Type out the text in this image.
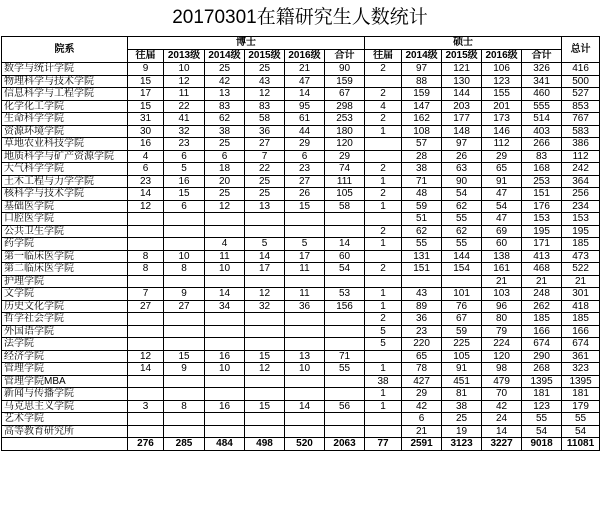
20170301在籍研究生人数统计
院系	博士						硕士					总计
	往届	2013级	2014级	2015级	2016级	合计	往届	2014级	2015级	2016级	合计	
数学与统计学院	9	10	25	25	21	90	2	97	121	106	326	416
物理科学与技术学院	15	12	42	43	47	159		88	130	123	341	500
信息科学与工程学院	17	11	13	12	14	67	2	159	144	155	460	527
化学化工学院	15	22	83	83	95	298	4	147	203	201	555	853
生命科学学院	31	41	62	58	61	253	2	162	177	173	514	767
资源环境学院	30	32	38	36	44	180	1	108	148	146	403	583
草地农业科技学院	16	23	25	27	29	120		57	97	112	266	386
地质科学与矿产资源学院	4	6	6	7	6	29		28	26	29	83	112
大气科学学院	6	5	18	22	23	74	2	38	63	65	168	242
土木工程与力学学院	23	16	20	25	27	111	1	71	90	91	253	364
核科学与技术学院	14	15	25	25	26	105	2	48	54	47	151	256
基础医学院	12	6	12	13	15	58	1	59	62	54	176	234
口腔医学院								51	55	47	153	153
公共卫生学院							2	62	62	69	195	195
药学院			4	5	5	14	1	55	55	60	171	185
第一临床医学院	8	10	11	14	17	60		131	144	138	413	473
第二临床医学院	8	8	10	17	11	54	2	151	154	161	468	522
护理学院										21	21	21
文学院	7	9	14	12	11	53	1	43	101	103	248	301
历史文化学院	27	27	34	32	36	156	1	89	76	96	262	418
哲学社会学院							2	36	67	80	185	185
外国语学院							5	23	59	79	166	166
法学院							5	220	225	224	674	674
经济学院	12	15	16	15	13	71		65	105	120	290	361
管理学院	14	9	10	12	10	55	1	78	91	98	268	323
管理学院MBA							38	427	451	479	1395	1395
新闻与传播学院							1	29	81	70	181	181
马克思主义学院	3	8	16	15	14	56	1	42	38	42	123	179
艺术学院								6	25	24	55	55
高等教育研究所								21	19	14	54	54
	276	285	484	498	520	2063	77	2591	3123	3227	9018	11081
